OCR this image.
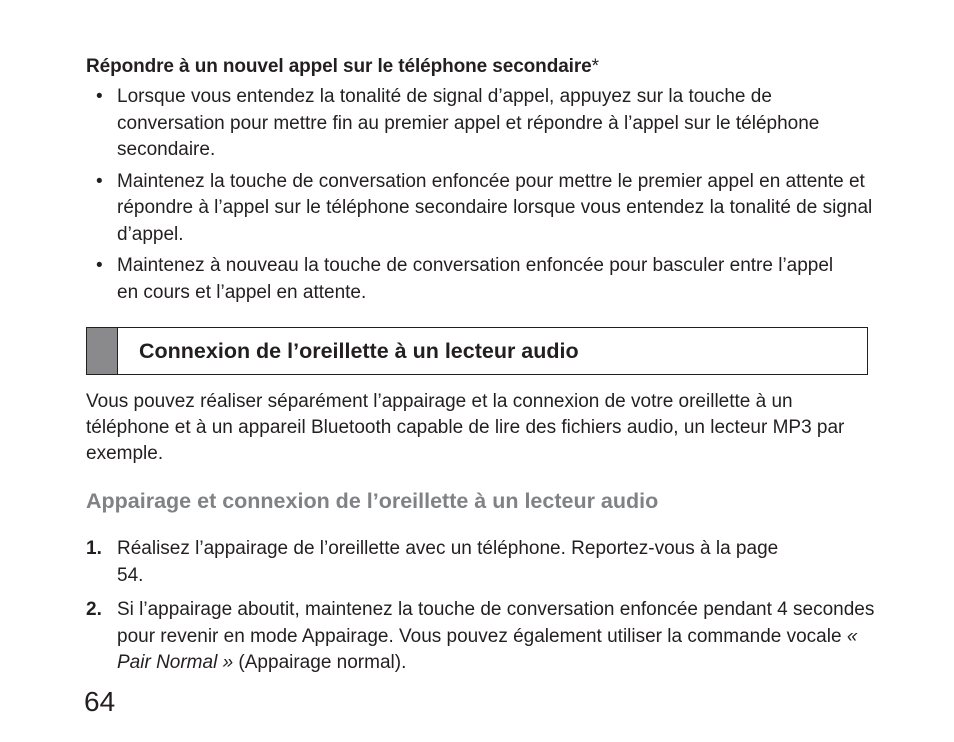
Répondre à un nouvel appel sur le téléphone secondaire*
• Lorsque vous entendez la tonalité de signal d’appel, appuyez sur la touche de conversation pour mettre fin au premier appel et répondre à l’appel sur le téléphone secondaire.
• Maintenez la touche de conversation enfoncée pour mettre le premier appel en attente et répondre à l’appel sur le téléphone secondaire lorsque vous entendez la tonalité de signal d’appel.
• Maintenez à nouveau la touche de conversation enfoncée pour basculer entre l’appel en cours et l’appel en attente.
Connexion de l’oreillette à un lecteur audio

Vous pouvez réaliser séparément l’appairage et la connexion de votre oreillette à un téléphone et à un appareil Bluetooth capable de lire des fichiers audio, un lecteur MP3 par exemple.

Appairage et connexion de l’oreillette à un lecteur audio
1. Réalisez l’appairage de l’oreillette avec un téléphone. Reportez-vous à la page 54.
2. Si l’appairage aboutit, maintenez la touche de conversation enfoncée pendant 4 secondes pour revenir en mode Appairage. Vous pouvez également utiliser la commande vocale « Pair Normal » (Appairage normal).
64
